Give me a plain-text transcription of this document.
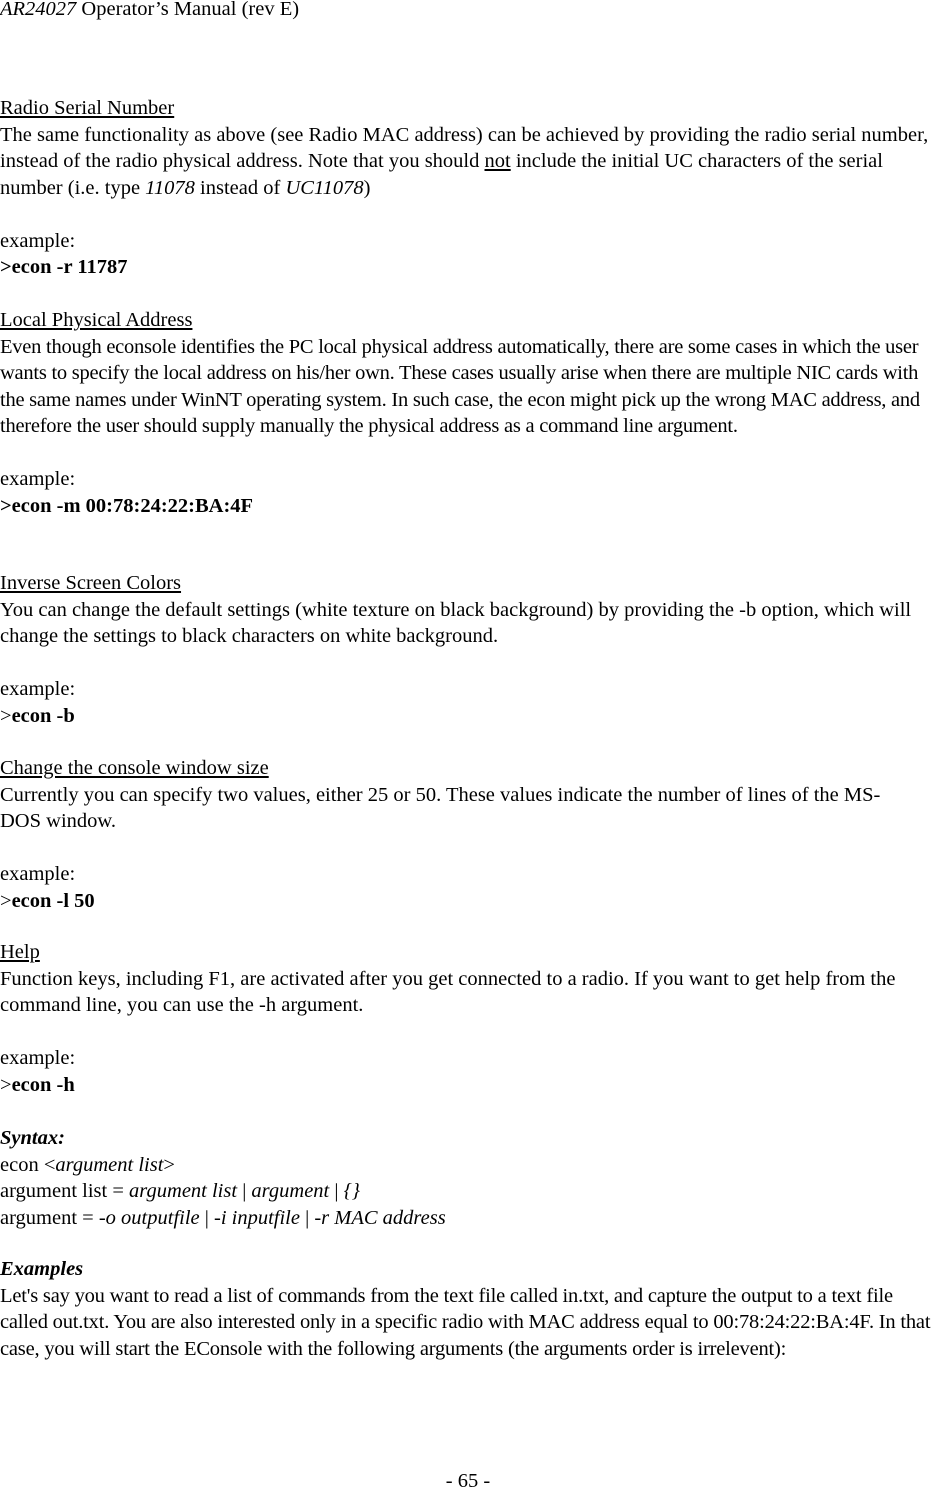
AR24027 Operator’s Manual (rev E)
Radio Serial Number
The same functionality as above (see Radio MAC address) can be achieved by providing the radio serial number, instead of the radio physical address. Note that you should not include the initial UC characters of the serial number (i.e. type 11078 instead of UC11078)
example:
>econ -r 11787
Local Physical Address
Even though econsole identifies the PC local physical address automatically, there are some cases in which the user wants to specify the local address on his/her own. These cases usually arise when there are multiple NIC cards with the same names under WinNT operating system. In such case, the econ might pick up the wrong MAC address, and therefore the user should supply manually the physical address as a command line argument.
example:
>econ -m 00:78:24:22:BA:4F
Inverse Screen Colors
You can change the default settings (white texture on black background) by providing the -b option, which will change the settings to black characters on white background.
example:
>econ -b
Change the console window size
Currently you can specify two values, either 25 or 50. These values indicate the number of lines of the MS-DOS window.
example:
>econ -l 50
Help
Function keys, including F1, are activated after you get connected to a radio. If you want to get help from the command line, you can use the -h argument.
example:
>econ -h
Syntax:
econ <argument list>
argument list = argument list | argument | {}
argument = -o outputfile | -i inputfile | -r MAC address
Examples
Let's say you want to read a list of commands from the text file called in.txt, and capture the output to a text file called out.txt. You are also interested only in a specific radio with MAC address equal to 00:78:24:22:BA:4F. In that case, you will start the EConsole with the following arguments (the arguments order is irrelevent):
- 65 -
